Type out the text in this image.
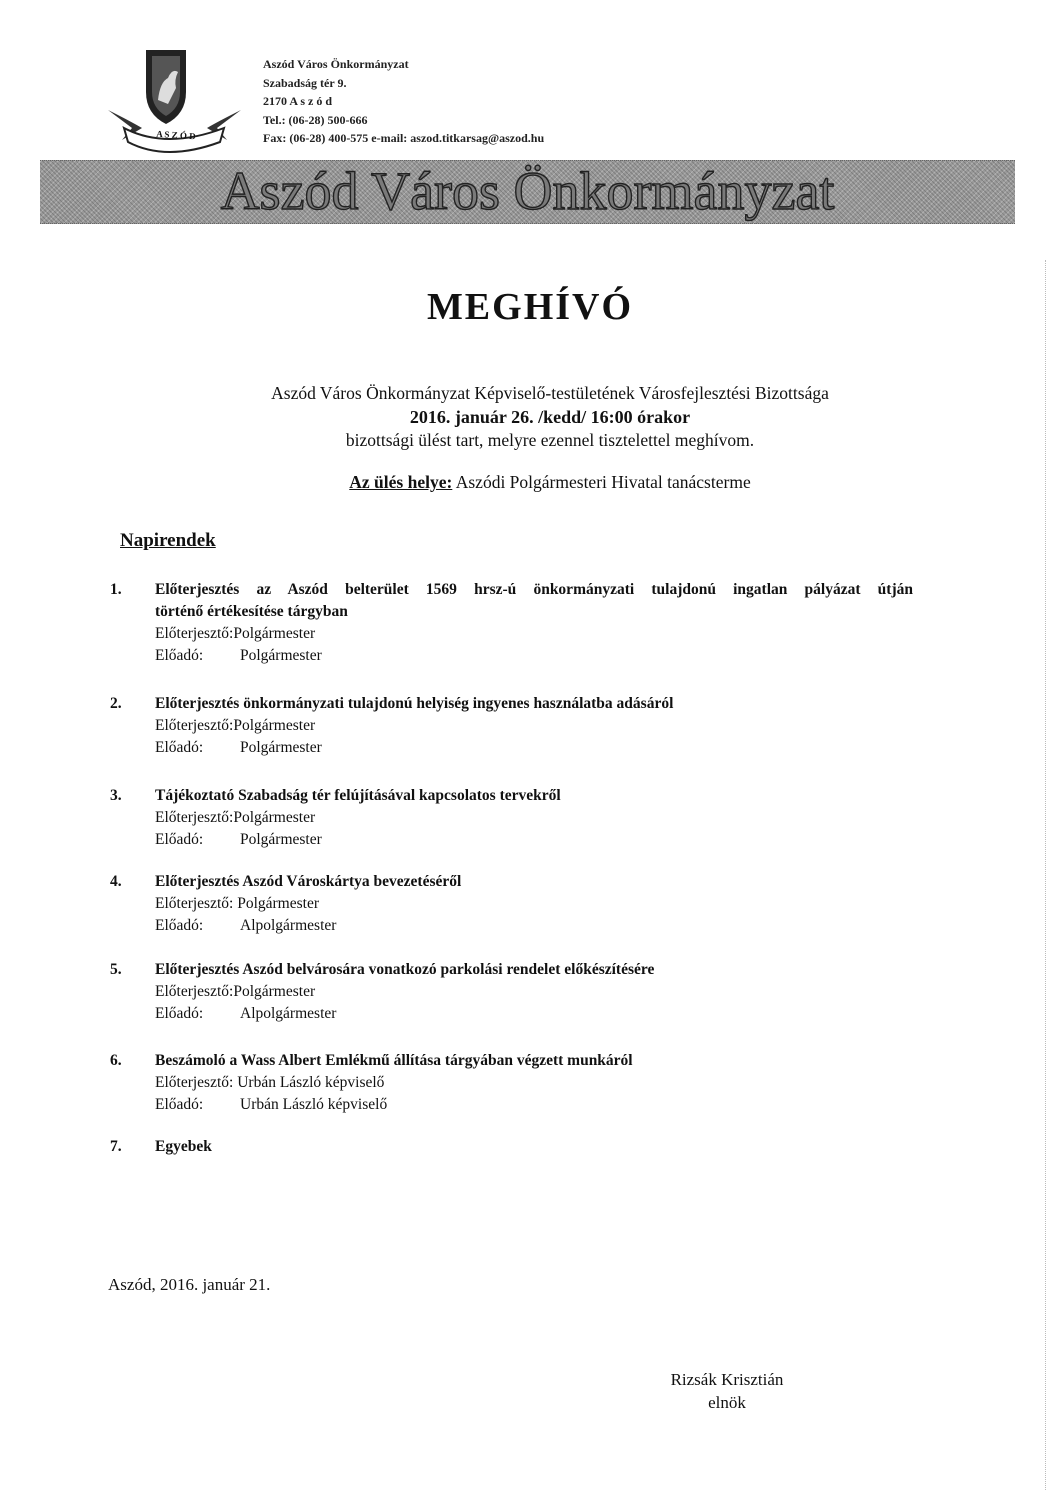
A S Z Ó D
Aszód Város Önkormányzat
Szabadság tér 9.
2170 A s z ó d
Tel.: (06-28) 500-666
Fax: (06-28) 400-575 e-mail: aszod.titkarsag@aszod.hu
Aszód Város Önkormányzat
MEGHÍVÓ
Aszód Város Önkormányzat Képviselő-testületének Városfejlesztési Bizottsága
2016. január 26. /kedd/ 16:00 órakor
bizottsági ülést tart, melyre ezennel tisztelettel meghívom.
Az ülés helye: Aszódi Polgármesteri Hivatal tanácsterme
Napirendek
1. Előterjesztés az Aszód belterület 1569 hrsz-ú önkormányzati tulajdonú ingatlan pályázat útján
történő értékesítése tárgyban
Előterjesztő:Polgármester
Előadó: Polgármester
2. Előterjesztés önkormányzati tulajdonú helyiség ingyenes használatba adásáról
Előterjesztő:Polgármester
Előadó: Polgármester
3. Tájékoztató Szabadság tér felújításával kapcsolatos tervekről
Előterjesztő:Polgármester
Előadó: Polgármester
4. Előterjesztés Aszód Városkártya bevezetéséről
Előterjesztő: Polgármester
Előadó: Alpolgármester
5. Előterjesztés Aszód belvárosára vonatkozó parkolási rendelet előkészítésére
Előterjesztő:Polgármester
Előadó: Alpolgármester
6. Beszámoló a Wass Albert Emlékmű állítása tárgyában végzett munkáról
Előterjesztő: Urbán László képviselő
Előadó: Urbán László képviselő
7. Egyebek
Aszód, 2016. január 21.
Rizsák Krisztián
elnök
